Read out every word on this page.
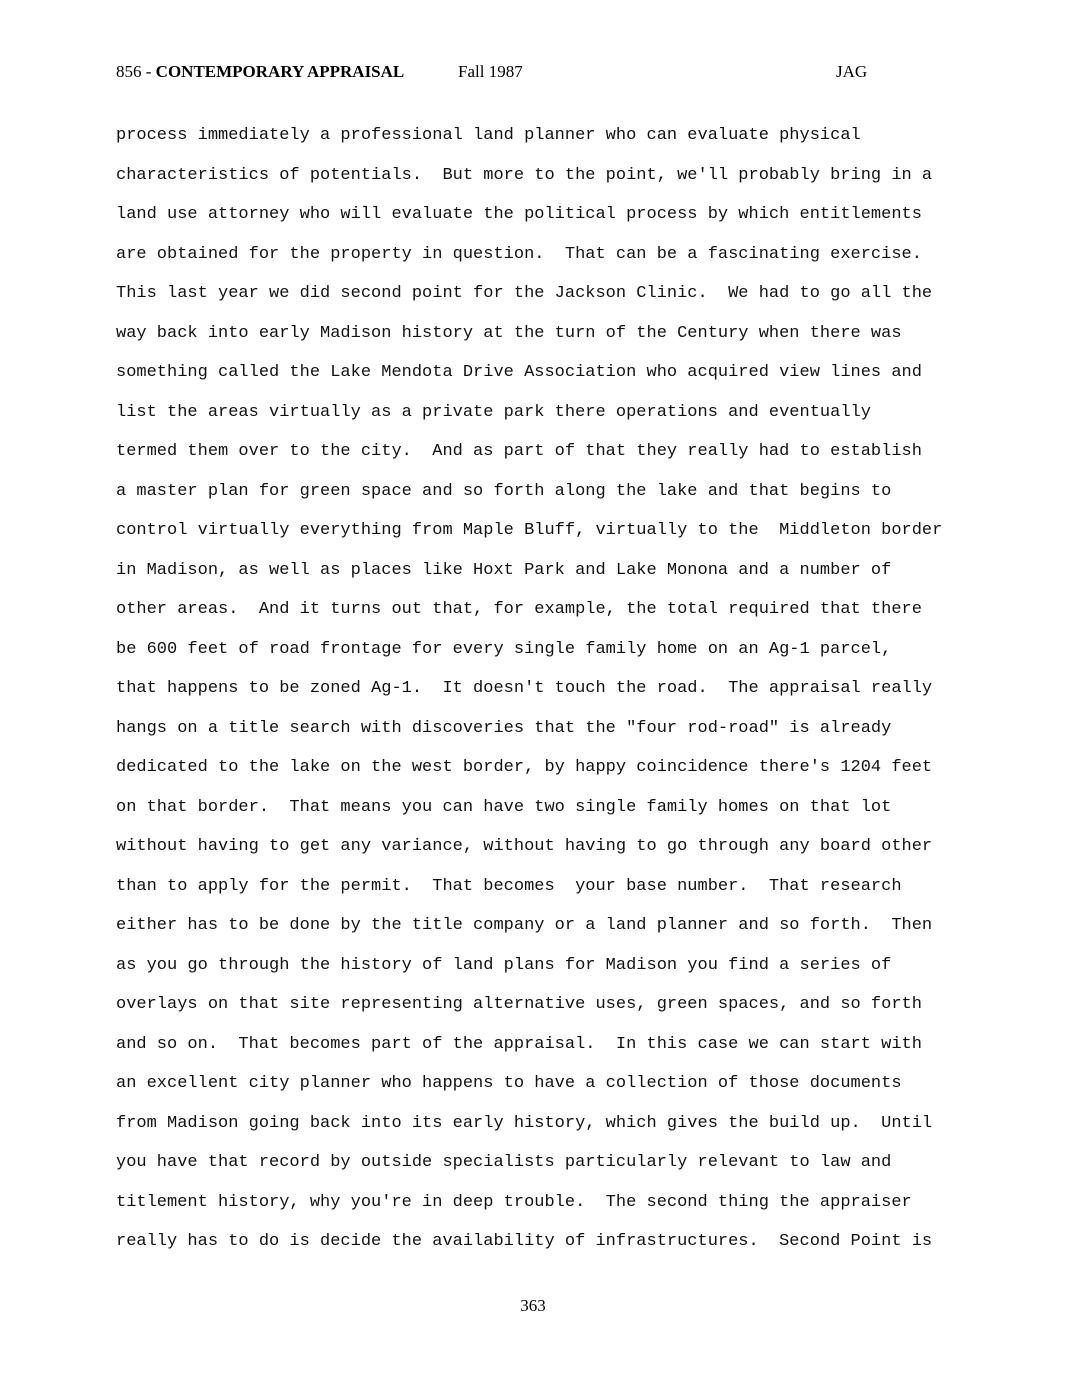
856 - CONTEMPORARY APPRAISAL	Fall 1987	JAG
process immediately a professional land planner who can evaluate physical
characteristics of potentials.  But more to the point, we'll probably bring in a
land use attorney who will evaluate the political process by which entitlements
are obtained for the property in question.  That can be a fascinating exercise.
This last year we did second point for the Jackson Clinic.  We had to go all the
way back into early Madison history at the turn of the Century when there was
something called the Lake Mendota Drive Association who acquired view lines and
list the areas virtually as a private park there operations and eventually
termed them over to the city.  And as part of that they really had to establish
a master plan for green space and so forth along the lake and that begins to
control virtually everything from Maple Bluff, virtually to the  Middleton border
in Madison, as well as places like Hoxt Park and Lake Monona and a number of
other areas.  And it turns out that, for example, the total required that there
be 600 feet of road frontage for every single family home on an Ag-1 parcel,
that happens to be zoned Ag-1.  It doesn't touch the road.  The appraisal really
hangs on a title search with discoveries that the "four rod-road" is already
dedicated to the lake on the west border, by happy coincidence there's 1204 feet
on that border.  That means you can have two single family homes on that lot
without having to get any variance, without having to go through any board other
than to apply for the permit.  That becomes  your base number.  That research
either has to be done by the title company or a land planner and so forth.  Then
as you go through the history of land plans for Madison you find a series of
overlays on that site representing alternative uses, green spaces, and so forth
and so on.  That becomes part of the appraisal.  In this case we can start with
an excellent city planner who happens to have a collection of those documents
from Madison going back into its early history, which gives the build up.  Until
you have that record by outside specialists particularly relevant to law and
titlement history, why you're in deep trouble.  The second thing the appraiser
really has to do is decide the availability of infrastructures.  Second Point is
363
